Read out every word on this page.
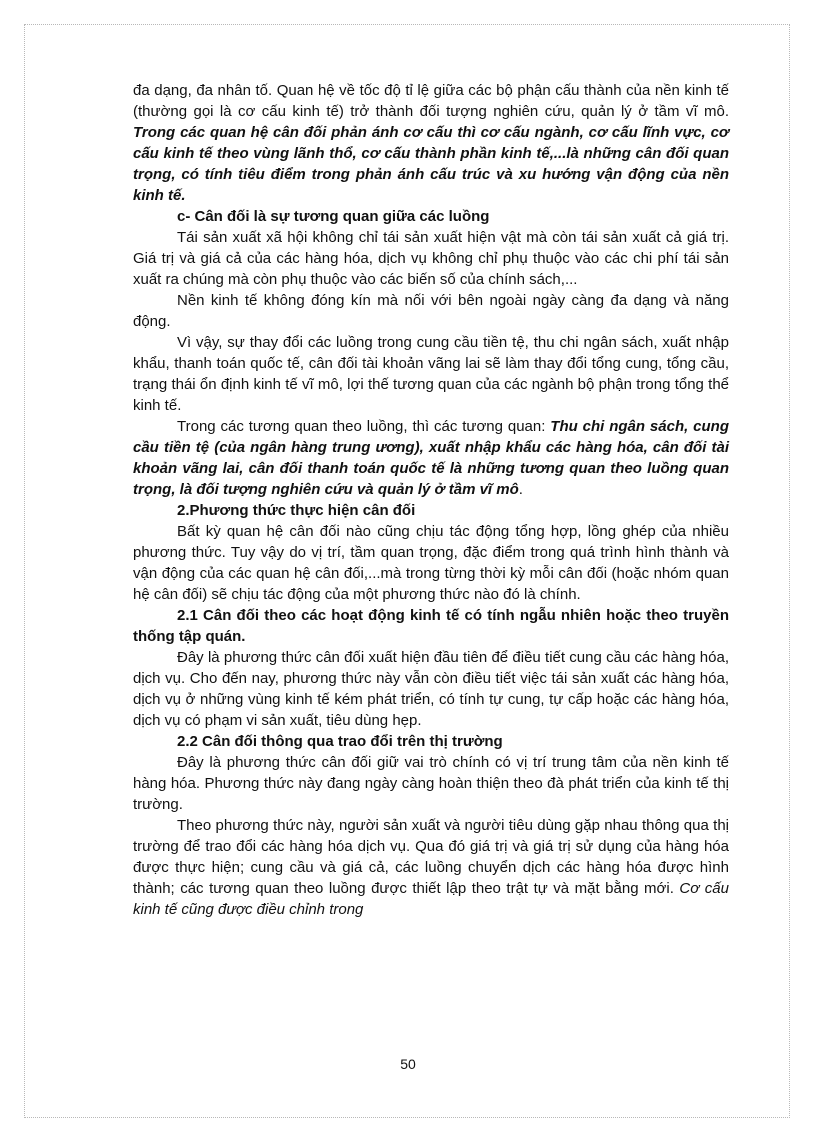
đa dạng, đa nhân tố. Quan hệ về tốc độ tỉ lệ giữa các bộ phận cấu thành của nền kinh tế (thường gọi là cơ cấu kinh tế) trở thành đối tượng nghiên cứu, quản lý ở tầm vĩ mô. Trong các quan hệ cân đối phản ánh cơ cấu thì cơ cấu ngành, cơ cấu lĩnh vực, cơ cấu kinh tế theo vùng lãnh thổ, cơ cấu thành phần kinh tế,...là những cân đối quan trọng, có tính tiêu điểm trong phản ánh cấu trúc và xu hướng vận động của nền kinh tế.

c- Cân đối là sự tương quan giữa các luồng

Tái sản xuất xã hội không chỉ tái sản xuất hiện vật mà còn tái sản xuất cả giá trị. Giá trị và giá cả của các hàng hóa, dịch vụ không chỉ phụ thuộc vào các chi phí tái sản xuất ra chúng mà còn phụ thuộc vào các biến số của chính sách,...

Nền kinh tế không đóng kín mà nối với bên ngoài ngày càng đa dạng và năng động.

Vì vậy, sự thay đổi các luồng trong cung cầu tiền tệ, thu chi ngân sách, xuất nhập khẩu, thanh toán quốc tế, cân đối tài khoản vãng lai sẽ làm thay đổi tổng cung, tổng cầu, trạng thái ổn định kinh tế vĩ mô, lợi thế tương quan của các ngành bộ phận trong tổng thể kinh tế.

Trong các tương quan theo luồng, thì các tương quan: Thu chi ngân sách, cung cầu tiền tệ (của ngân hàng trung ương), xuất nhập khẩu các hàng hóa, cân đối tài khoản vãng lai, cân đối thanh toán quốc tế là những tương quan theo luồng quan trọng, là đối tượng nghiên cứu và quản lý ở tầm vĩ mô.

2.Phương thức thực hiện cân đối

Bất kỳ quan hệ cân đối nào cũng chịu tác động tổng hợp, lồng ghép của nhiều phương thức. Tuy vậy do vị trí, tầm quan trọng, đặc điểm trong quá trình hình thành và vận động của các quan hệ cân đối,...mà trong từng thời kỳ mỗi cân đối (hoặc nhóm quan hệ cân đối) sẽ chịu tác động của một phương thức nào đó là chính.

2.1 Cân đối theo các hoạt động kinh tế có tính ngẫu nhiên hoặc theo truyền thống tập quán.

Đây là phương thức cân đối xuất hiện đầu tiên để điều tiết cung cầu các hàng hóa, dịch vụ. Cho đến nay, phương thức này vẫn còn điều tiết việc tái sản xuất các hàng hóa, dịch vụ ở những vùng kinh tế kém phát triển, có tính tự cung, tự cấp hoặc các hàng hóa, dịch vụ có phạm vi sản xuất, tiêu dùng hẹp.

2.2 Cân đối thông qua trao đổi trên thị trường

Đây là phương thức cân đối giữ vai trò chính có vị trí trung tâm của nền kinh tế hàng hóa. Phương thức này đang ngày càng hoàn thiện theo đà phát triển của kinh tế thị trường.

Theo phương thức này, người sản xuất và người tiêu dùng gặp nhau thông qua thị trường để trao đổi các hàng hóa dịch vụ. Qua đó giá trị và giá trị sử dụng của hàng hóa được thực hiện; cung cầu và giá cả, các luồng chuyển dịch các hàng hóa được hình thành; các tương quan theo luồng được thiết lập theo trật tự và mặt bằng mới. Cơ cấu kinh tế cũng được điều chỉnh trong

50
